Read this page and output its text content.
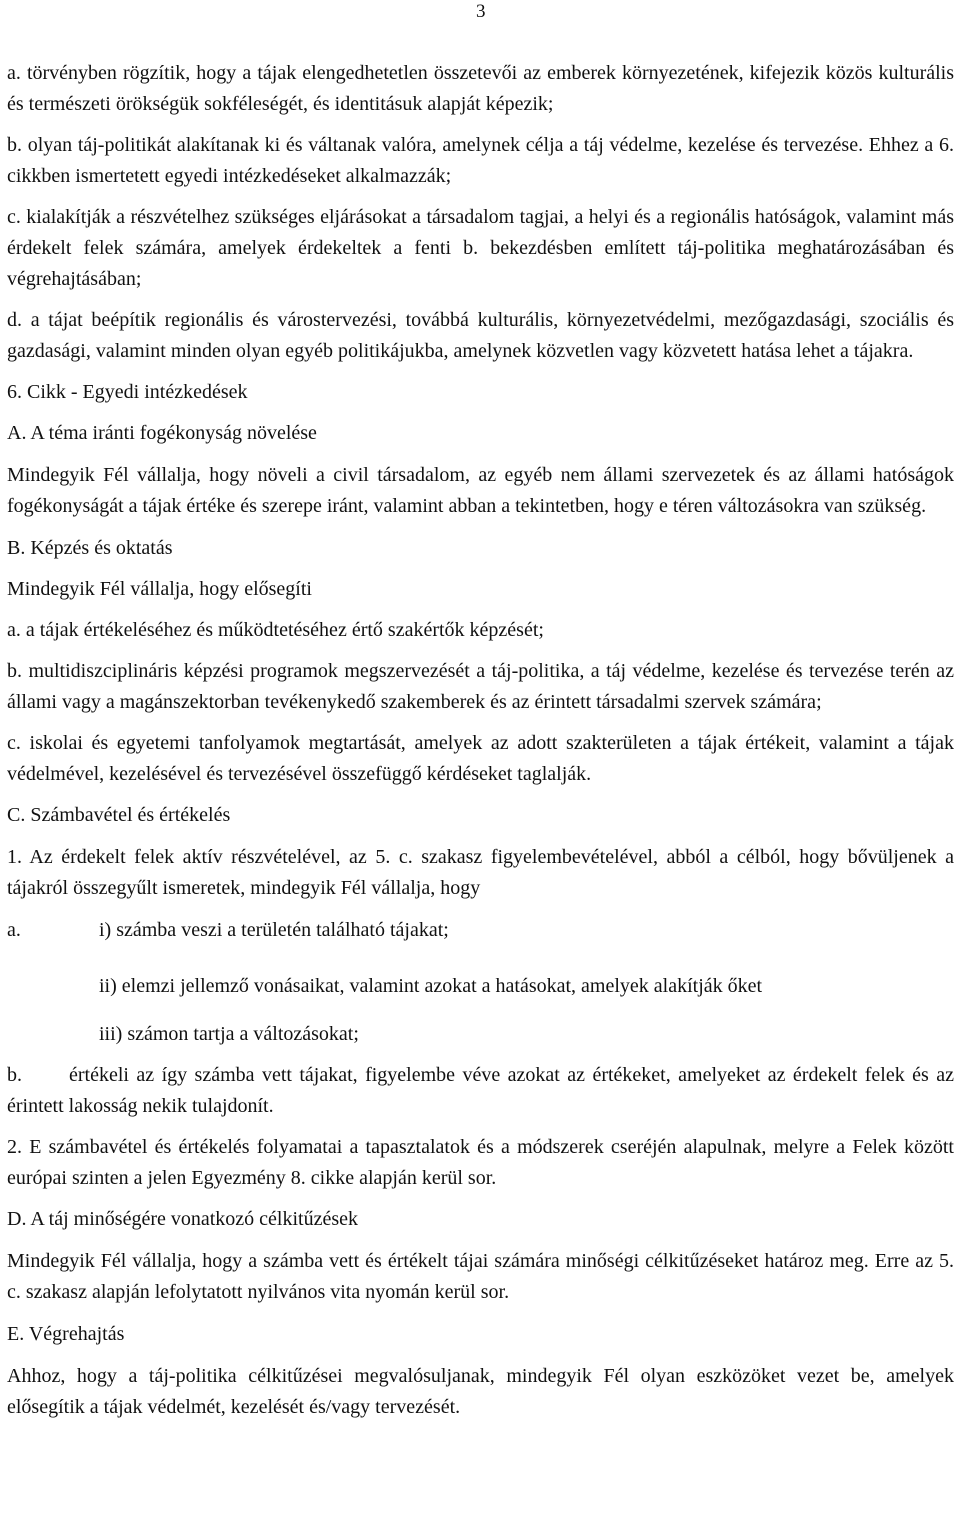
3

a. törvényben rögzítik, hogy a tájak elengedhetetlen összetevői az emberek környezetének, kifejezik közös kulturális és természeti örökségük sokféleségét, és identitásuk alapját képezik;

b. olyan táj-politikát alakítanak ki és váltanak valóra, amelynek célja a táj védelme, kezelése és tervezése. Ehhez a 6. cikkben ismertetett egyedi intézkedéseket alkalmazzák;

c. kialakítják a részvételhez szükséges eljárásokat a társadalom tagjai, a helyi és a regionális hatóságok, valamint más érdekelt felek számára, amelyek érdekeltek a fenti b. bekezdésben említett táj-politika meghatározásában és végrehajtásában;

d. a tájat beépítik regionális és várostervezési, továbbá kulturális, környezetvédelmi, mezőgazdasági, szociális és gazdasági, valamint minden olyan egyéb politikájukba, amelynek közvetlen vagy közvetett hatása lehet a tájakra.

6. Cikk - Egyedi intézkedések

A. A téma iránti fogékonyság növelése

Mindegyik Fél vállalja, hogy növeli a civil társadalom, az egyéb nem állami szervezetek és az állami hatóságok fogékonyságát a tájak értéke és szerepe iránt, valamint abban a tekintetben, hogy e téren változásokra van szükség.

B. Képzés és oktatás

Mindegyik Fél vállalja, hogy elősegíti

a. a tájak értékeléséhez és működtetéséhez értő szakértők képzését;

b. multidiszciplináris képzési programok megszervezését a táj-politika, a táj védelme, kezelése és tervezése terén az állami vagy a magánszektorban tevékenykedő szakemberek és az érintett társadalmi szervek számára;

c. iskolai és egyetemi tanfolyamok megtartását, amelyek az adott szakterületen a tájak értékeit, valamint a tájak védelmével, kezelésével és tervezésével összefüggő kérdéseket taglalják.

C. Számbavétel és értékelés

1. Az érdekelt felek aktív részvételével, az 5. c. szakasz figyelembevételével, abból a célból, hogy bővüljenek a tájakról összegyűlt ismeretek, mindegyik Fél vállalja, hogy

a.	i) számba veszi a területén található tájakat;
ii) elemzi jellemző vonásaikat, valamint azokat a hatásokat, amelyek alakítják őket
iii) számon tartja a változásokat;

b. értékeli az így számba vett tájakat, figyelembe véve azokat az értékeket, amelyeket az érdekelt felek és az érintett lakosság nekik tulajdonít.

2. E számbavétel és értékelés folyamatai a tapasztalatok és a módszerek cseréjén alapulnak, melyre a Felek között európai szinten a jelen Egyezmény 8. cikke alapján kerül sor.

D. A táj minőségére vonatkozó célkitűzések

Mindegyik Fél vállalja, hogy a számba vett és értékelt tájai számára minőségi célkitűzéseket határoz meg. Erre az 5. c. szakasz alapján lefolytatott nyilvános vita nyomán kerül sor.

E. Végrehajtás

Ahhoz, hogy a táj-politika célkitűzései megvalósuljanak, mindegyik Fél olyan eszközöket vezet be, amelyek elősegítik a tájak védelmét, kezelését és/vagy tervezését.
